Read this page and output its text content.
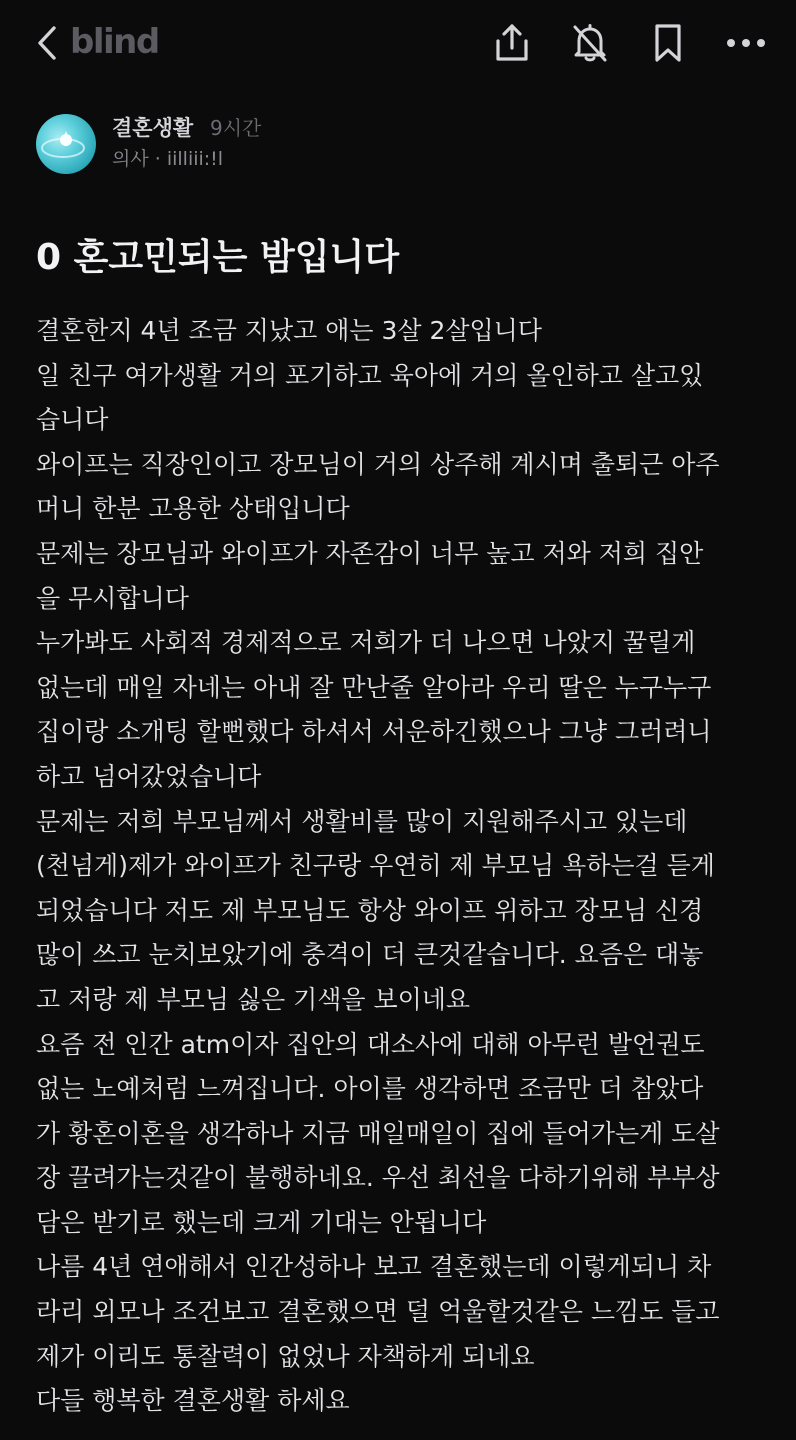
blind
결혼생활 9시간
의사 · iilliii:!l
0 혼고민되는 밤입니다
결혼한지 4년 조금 지났고 애는 3살 2살입니다
일 친구 여가생활 거의 포기하고 육아에 거의 올인하고 살고있
습니다
와이프는 직장인이고 장모님이 거의 상주해 계시며 출퇴근 아주
머니 한분 고용한 상태입니다
문제는 장모님과 와이프가 자존감이 너무 높고 저와 저희 집안
을 무시합니다
누가봐도 사회적 경제적으로 저희가 더 나으면 나았지 꿀릴게
없는데 매일 자네는 아내 잘 만난줄 알아라 우리 딸은 누구누구
집이랑 소개팅 할뻔했다 하셔서 서운하긴했으나 그냥 그러려니
하고 넘어갔었습니다
문제는 저희 부모님께서 생활비를 많이 지원해주시고 있는데
(천넘게)제가 와이프가 친구랑 우연히 제 부모님 욕하는걸 듣게
되었습니다 저도 제 부모님도 항상 와이프 위하고 장모님 신경
많이 쓰고 눈치보았기에 충격이 더 큰것같습니다. 요즘은 대놓
고 저랑 제 부모님 싫은 기색을 보이네요
요즘 전 인간 atm이자 집안의 대소사에 대해 아무런 발언권도
없는 노예처럼 느껴집니다. 아이를 생각하면 조금만 더 참았다
가 황혼이혼을 생각하나 지금 매일매일이 집에 들어가는게 도살
장 끌려가는것같이 불행하네요. 우선 최선을 다하기위해 부부상
담은 받기로 했는데 크게 기대는 안됩니다
나름 4년 연애해서 인간성하나 보고 결혼했는데 이렇게되니 차
라리 외모나 조건보고 결혼했으면 덜 억울할것같은 느낌도 들고
제가 이리도 통찰력이 없었나 자책하게 되네요
다들 행복한 결혼생활 하세요
